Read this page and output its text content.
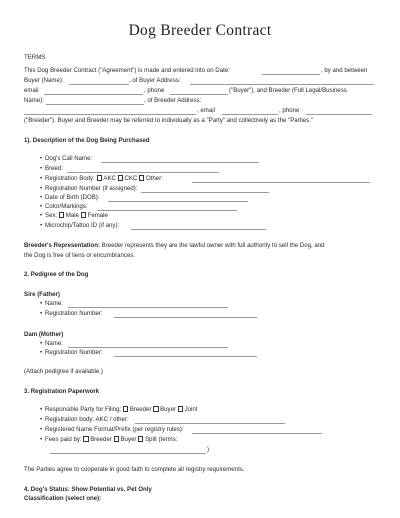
Dog Breeder Contract
TERMS
This Dog Breeder Contract ("Agreement") is made and entered into on Date:	, by and between
Buyer (Name):	, of Buyer Address:
email	, phone	("Buyer"), and Breeder (Full Legal/Business
Name):	, of Breeder Address:
, email	, phone
("Breeder"). Buyer and Breeder may be referred to individually as a "Party" and collectively as the "Parties."
1). Description of the Dog Being Purchased
• Dog's Call Name:
• Breed:
• Registration Body: AKC CKC Other:
• Registration Number (if assigned):
• Date of Birth (DOB):
• Color/Markings:
• Sex: Male Female
• Microchip/Tattoo ID (if any):
Breeder's Representation: Breeder represents they are the lawful owner with full authority to sell the Dog, and
the Dog is free of liens or encumbrances.
2. Pedigree of the Dog
Sire (Father)
• Name:
• Registration Number:
Dam (Mother)
• Name:
• Registration Number:
(Attach pedigree if available.)
3. Registration Paperwork
• Responsible Party for Filing: Breeder Buyer Joint
• Registration body: AKC / other:
• Registered Name Format/Prefix (per registry rules):
• Fees paid by: Breeder Buyer Split (terms:
)
The Parties agree to cooperate in good faith to complete all registry requirements.
4. Dog's Status: Show Potential vs. Pet Only
Classification (select one):
